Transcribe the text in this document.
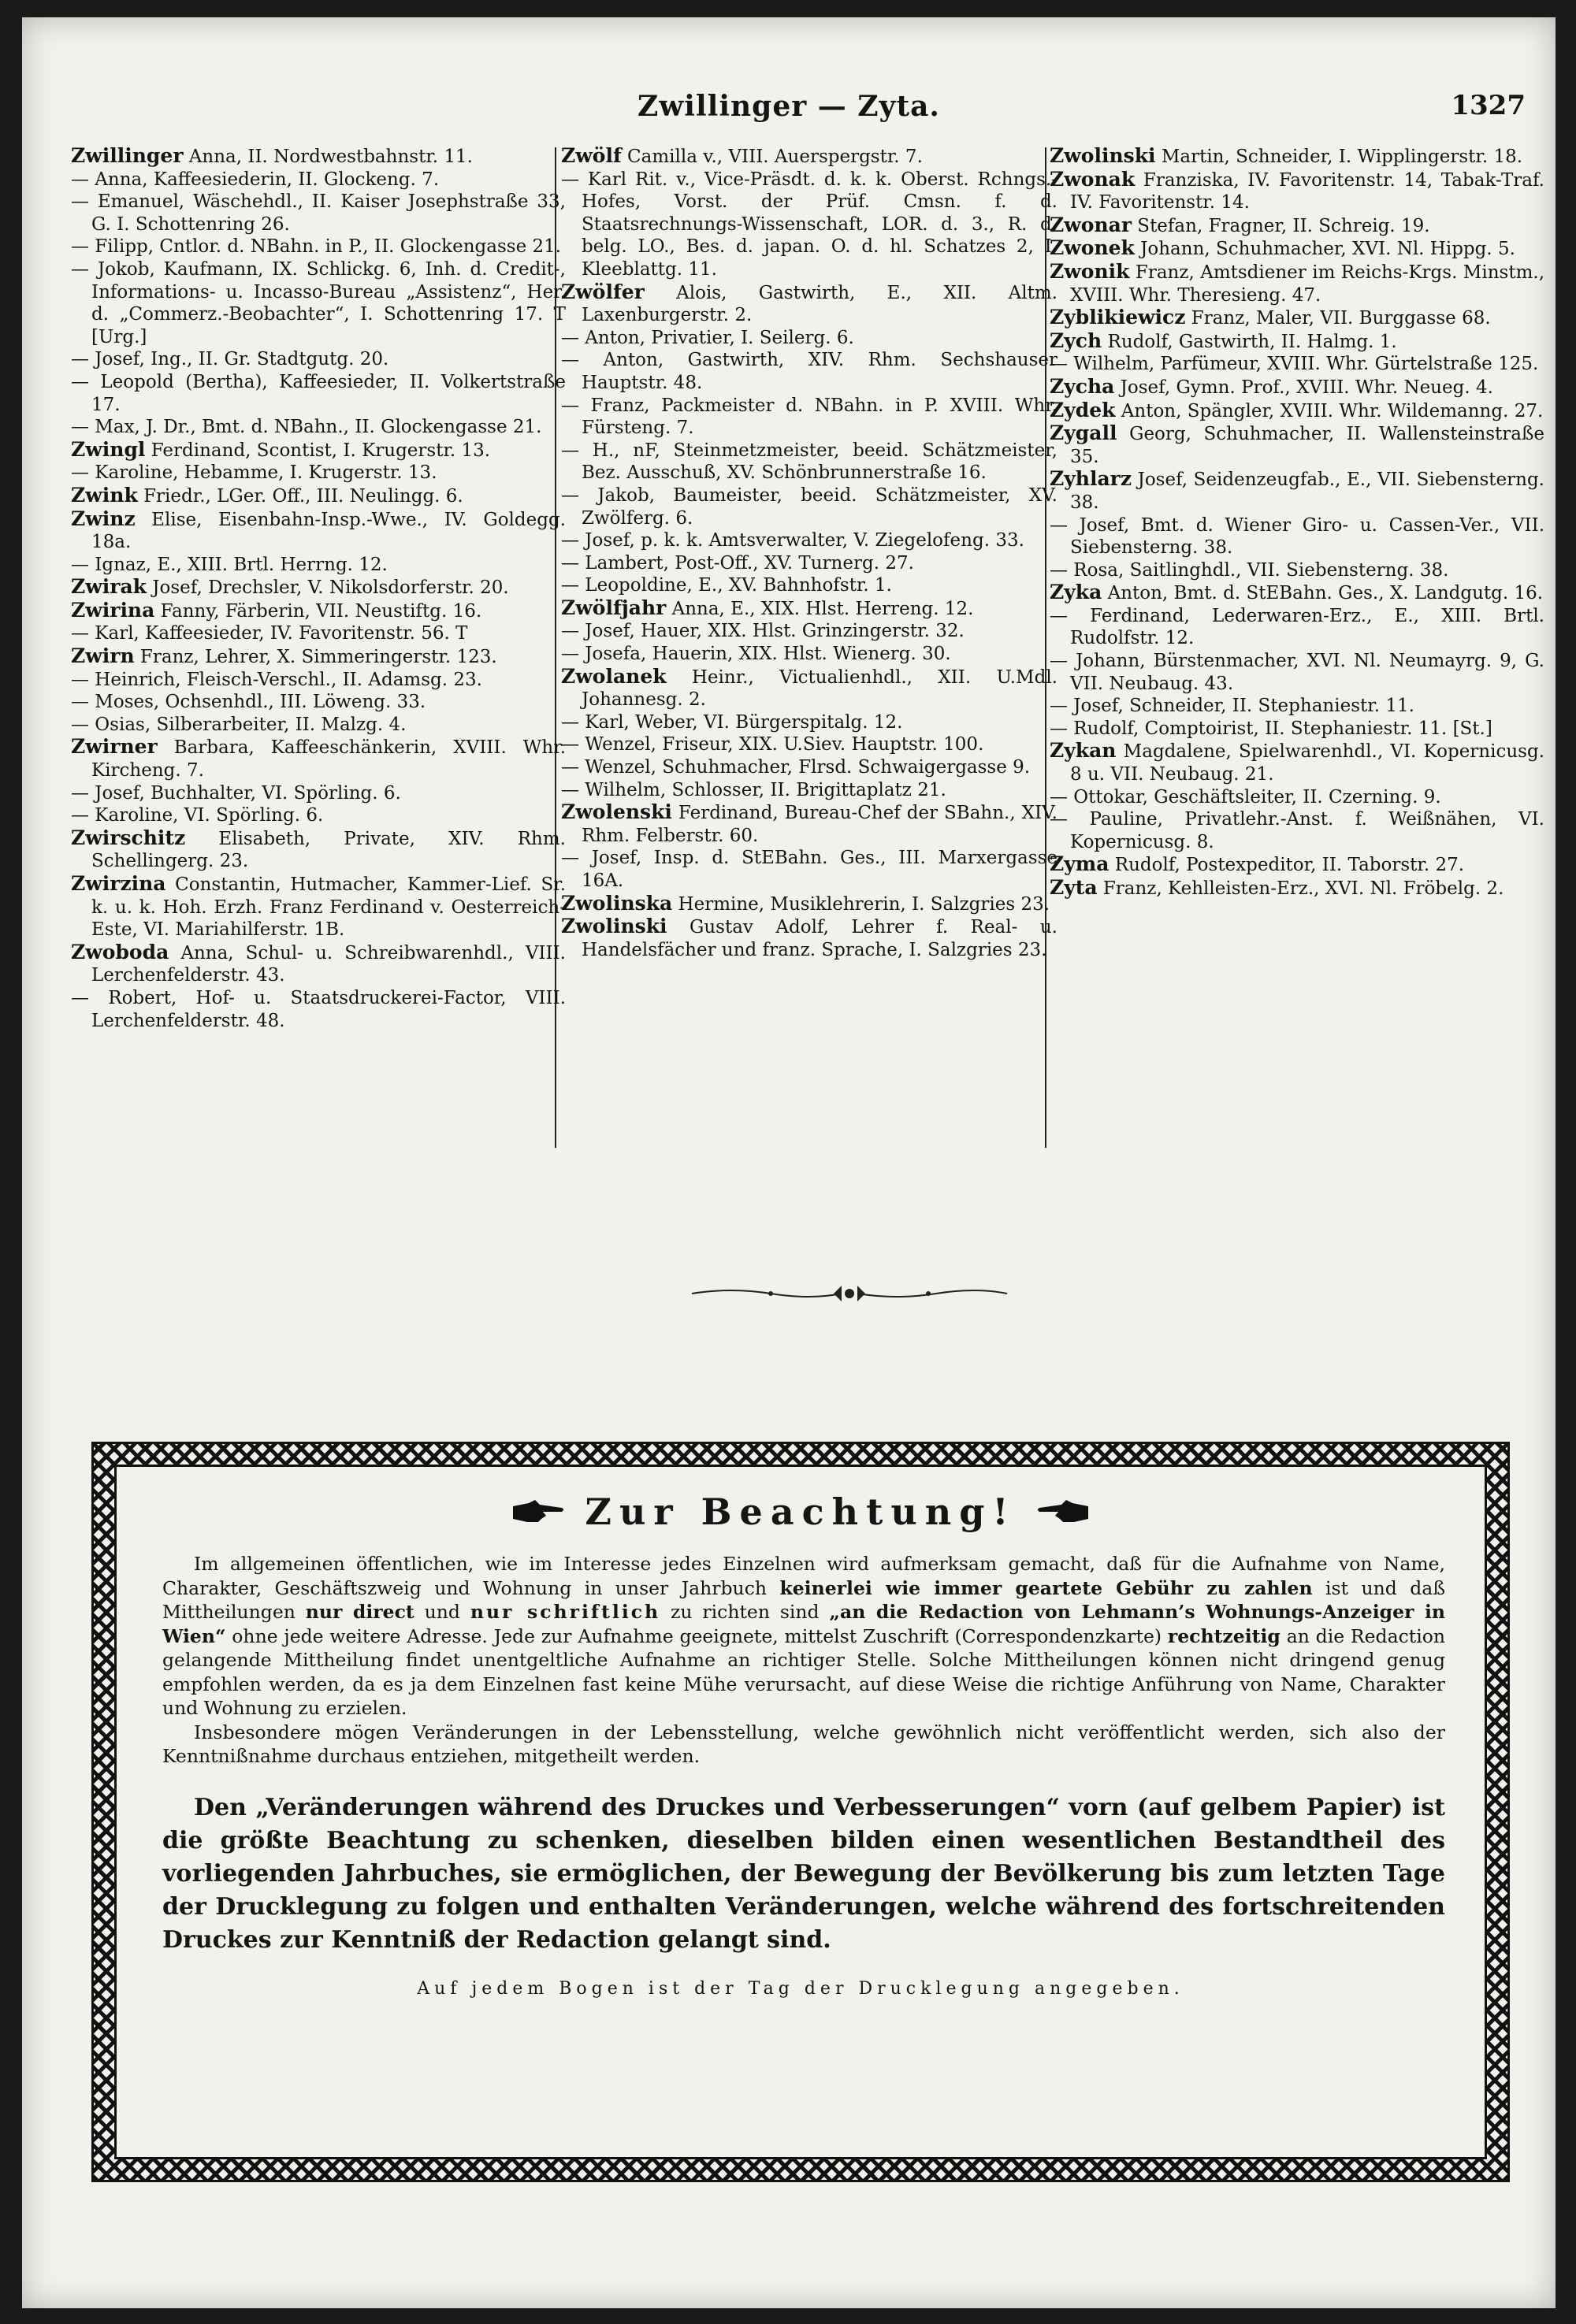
Zwillinger — Zyta.	1327
Zwillinger Anna, II. Nordwestbahnstr. 11.
— Anna, Kaffeesiederin, II. Glockeng. 7.
— Emanuel, Wäschehdl., II. Kaiser Josephstraße 33, G. I. Schottenring 26.
— Filipp, Cntlor. d. NBahn. in P., II. Glockengasse 21.
— Jokob, Kaufmann, IX. Schlickg. 6, Inh. d. Credit-, Informations- u. Incasso-Bureau „Assistenz“, Her. d. „Commerz.-Beobachter“, I. Schottenring 17. T [Urg.]
— Josef, Ing., II. Gr. Stadtgutg. 20.
— Leopold (Bertha), Kaffeesieder, II. Volkertstraße 17.
— Max, J. Dr., Bmt. d. NBahn., II. Glockengasse 21.
Zwingl Ferdinand, Scontist, I. Krugerstr. 13.
— Karoline, Hebamme, I. Krugerstr. 13.
Zwink Friedr., LGer. Off., III. Neulingg. 6.
Zwinz Elise, Eisenbahn-Insp.-Wwe., IV. Goldegg. 18a.
— Ignaz, E., XIII. Brtl. Herrng. 12.
Zwirak Josef, Drechsler, V. Nikolsdorferstr. 20.
Zwirina Fanny, Färberin, VII. Neustiftg. 16.
— Karl, Kaffeesieder, IV. Favoritenstr. 56. T
Zwirn Franz, Lehrer, X. Simmeringerstr. 123.
— Heinrich, Fleisch-Verschl., II. Adamsg. 23.
— Moses, Ochsenhdl., III. Löweng. 33.
— Osias, Silberarbeiter, II. Malzg. 4.
Zwirner Barbara, Kaffeeschänkerin, XVIII. Whr. Kircheng. 7.
— Josef, Buchhalter, VI. Spörling. 6.
— Karoline, VI. Spörling. 6.
Zwirschitz Elisabeth, Private, XIV. Rhm. Schellingerg. 23.
Zwirzina Constantin, Hutmacher, Kammer-Lief. Sr. k. u. k. Hoh. Erzh. Franz Ferdinand v. Oesterreich-Este, VI. Mariahilferstr. 1B.
Zwoboda Anna, Schul- u. Schreibwarenhdl., VIII. Lerchenfelderstr. 43.
— Robert, Hof- u. Staatsdruckerei-Factor, VIII. Lerchenfelderstr. 48.
Zwölf Camilla v., VIII. Auerspergstr. 7.
— Karl Rit. v., Vice-Präsdt. d. k. k. Oberst. Rchngs.-Hofes, Vorst. der Prüf. Cmsn. f. d. Staatsrechnungs-Wissenschaft, LOR. d. 3., R. d. belg. LO., Bes. d. japan. O. d. hl. Schatzes 2, I. Kleeblattg. 11.
Zwölfer Alois, Gastwirth, E., XII. Altm. Laxenburgerstr. 2.
— Anton, Privatier, I. Seilerg. 6.
— Anton, Gastwirth, XIV. Rhm. Sechshauser Hauptstr. 48.
— Franz, Packmeister d. NBahn. in P. XVIII. Whr. Fürsteng. 7.
— H., nF, Steinmetzmeister, beeid. Schätzmeister, Bez. Ausschuß, XV. Schönbrunnerstraße 16.
— Jakob, Baumeister, beeid. Schätzmeister, XV. Zwölferg. 6.
— Josef, p. k. k. Amtsverwalter, V. Ziegelofeng. 33.
— Lambert, Post-Off., XV. Turnerg. 27.
— Leopoldine, E., XV. Bahnhofstr. 1.
Zwölfjahr Anna, E., XIX. Hlst. Herreng. 12.
— Josef, Hauer, XIX. Hlst. Grinzingerstr. 32.
— Josefa, Hauerin, XIX. Hlst. Wienerg. 30.
Zwolanek Heinr., Victualienhdl., XII. U.Mdl. Johannesg. 2.
— Karl, Weber, VI. Bürgerspitalg. 12.
— Wenzel, Friseur, XIX. U.Siev. Hauptstr. 100.
— Wenzel, Schuhmacher, Flrsd. Schwaigergasse 9.
— Wilhelm, Schlosser, II. Brigittaplatz 21.
Zwolenski Ferdinand, Bureau-Chef der SBahn., XIV. Rhm. Felberstr. 60.
— Josef, Insp. d. StEBahn. Ges., III. Marxergasse 16A.
Zwolinska Hermine, Musiklehrerin, I. Salzgries 23.
Zwolinski Gustav Adolf, Lehrer f. Real- u. Handelsfächer und franz. Sprache, I. Salzgries 23.
Zwolinski Martin, Schneider, I. Wipplingerstr. 18.
Zwonak Franziska, IV. Favoritenstr. 14, Tabak-Traf. IV. Favoritenstr. 14.
Zwonar Stefan, Fragner, II. Schreig. 19.
Zwonek Johann, Schuhmacher, XVI. Nl. Hippg. 5.
Zwonik Franz, Amtsdiener im Reichs-Krgs. Minstm., XVIII. Whr. Theresieng. 47.
Zyblikiewicz Franz, Maler, VII. Burggasse 68.
Zych Rudolf, Gastwirth, II. Halmg. 1.
— Wilhelm, Parfümeur, XVIII. Whr. Gürtelstraße 125.
Zycha Josef, Gymn. Prof., XVIII. Whr. Neueg. 4.
Zydek Anton, Spängler, XVIII. Whr. Wildemanng. 27.
Zygall Georg, Schuhmacher, II. Wallensteinstraße 35.
Zyhlarz Josef, Seidenzeugfab., E., VII. Siebensterng. 38.
— Josef, Bmt. d. Wiener Giro- u. Cassen-Ver., VII. Siebensterng. 38.
— Rosa, Saitlinghdl., VII. Siebensterng. 38.
Zyka Anton, Bmt. d. StEBahn. Ges., X. Landgutg. 16.
— Ferdinand, Lederwaren-Erz., E., XIII. Brtl. Rudolfstr. 12.
— Johann, Bürstenmacher, XVI. Nl. Neumayrg. 9, G. VII. Neubaug. 43.
— Josef, Schneider, II. Stephaniestr. 11.
— Rudolf, Comptoirist, II. Stephaniestr. 11. [St.]
Zykan Magdalene, Spielwarenhdl., VI. Kopernicusg. 8 u. VII. Neubaug. 21.
— Ottokar, Geschäftsleiter, II. Czerning. 9.
— Pauline, Privatlehr.-Anst. f. Weißnähen, VI. Kopernicusg. 8.
Zyma Rudolf, Postexpeditor, II. Taborstr. 27.
Zyta Franz, Kehlleisten-Erz., XVI. Nl. Fröbelg. 2.
Zur Beachtung!

Im allgemeinen öffentlichen, wie im Interesse jedes Einzelnen wird aufmerksam gemacht, daß für die Aufnahme von Name, Charakter, Geschäftszweig und Wohnung in unser Jahrbuch keinerlei wie immer geartete Gebühr zu zahlen ist und daß Mittheilungen nur direct und nur schriftlich zu richten sind „an die Redaction von Lehmann’s Wohnungs-Anzeiger in Wien“ ohne jede weitere Adresse. Jede zur Aufnahme geeignete, mittelst Zuschrift (Correspondenzkarte) rechtzeitig an die Redaction gelangende Mittheilung findet unentgeltliche Aufnahme an richtiger Stelle. Solche Mittheilungen können nicht dringend genug empfohlen werden, da es ja dem Einzelnen fast keine Mühe verursacht, auf diese Weise die richtige Anführung von Name, Charakter und Wohnung zu erzielen.

Insbesondere mögen Veränderungen in der Lebensstellung, welche gewöhnlich nicht veröffentlicht werden, sich also der Kenntnißnahme durchaus entziehen, mitgetheilt werden.

Den „Veränderungen während des Druckes und Verbesserungen“ vorn (auf gelbem Papier) ist die größte Beachtung zu schenken, dieselben bilden einen wesentlichen Bestandtheil des vorliegenden Jahrbuches, sie ermöglichen, der Bewegung der Bevölkerung bis zum letzten Tage der Drucklegung zu folgen und enthalten Veränderungen, welche während des fortschreitenden Druckes zur Kenntniß der Redaction gelangt sind.

Auf jedem Bogen ist der Tag der Drucklegung angegeben.
